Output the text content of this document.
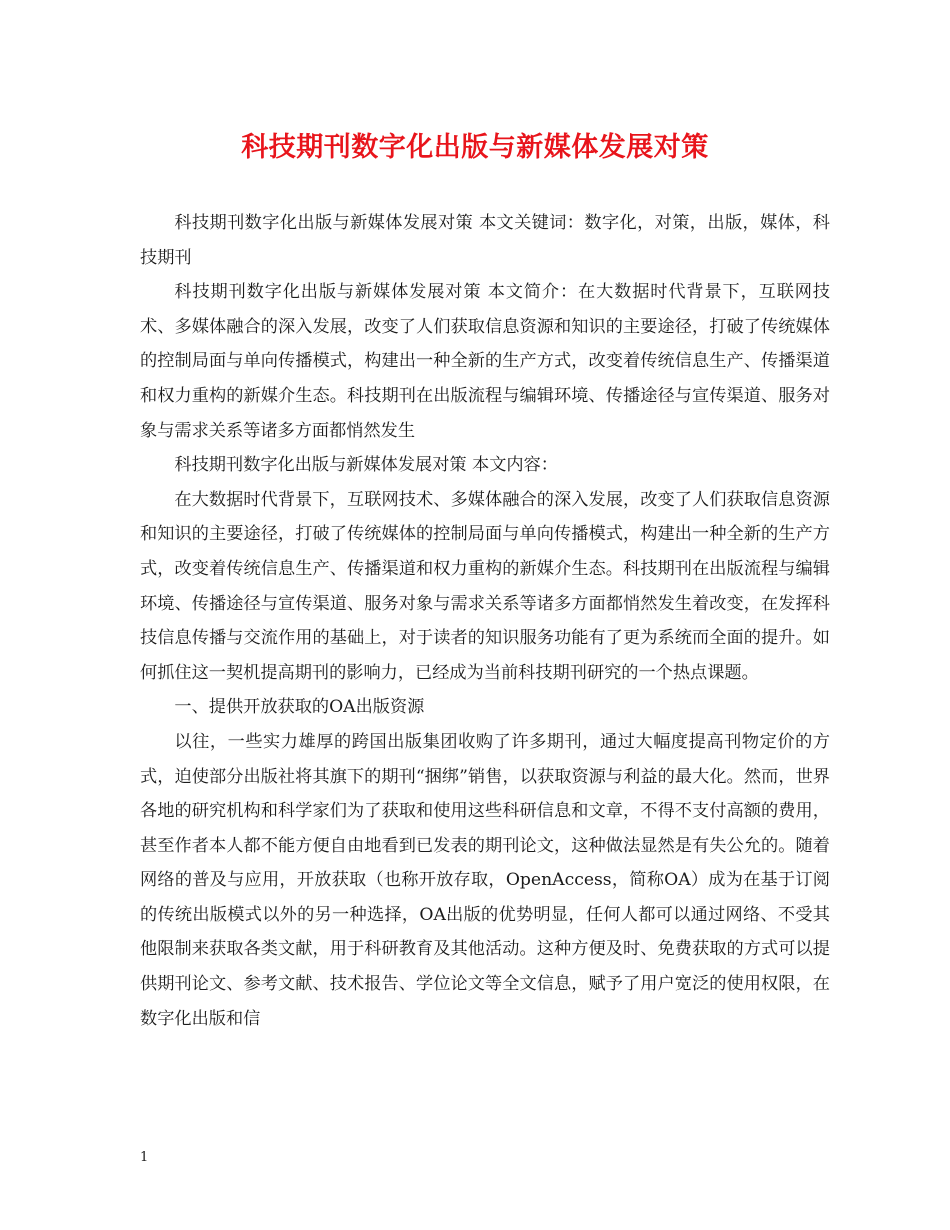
科技期刊数字化出版与新媒体发展对策

科技期刊数字化出版与新媒体发展对策 本文关键词：数字化，对策，出版，媒体，科技期刊

科技期刊数字化出版与新媒体发展对策 本文简介：在大数据时代背景下，互联网技术、多媒体融合的深入发展，改变了人们获取信息资源和知识的主要途径，打破了传统媒体的控制局面与单向传播模式，构建出一种全新的生产方式，改变着传统信息生产、传播渠道和权力重构的新媒介生态。科技期刊在出版流程与编辑环境、传播途径与宣传渠道、服务对象与需求关系等诸多方面都悄然发生

科技期刊数字化出版与新媒体发展对策 本文内容：

在大数据时代背景下，互联网技术、多媒体融合的深入发展，改变了人们获取信息资源和知识的主要途径，打破了传统媒体的控制局面与单向传播模式，构建出一种全新的生产方式，改变着传统信息生产、传播渠道和权力重构的新媒介生态。科技期刊在出版流程与编辑环境、传播途径与宣传渠道、服务对象与需求关系等诸多方面都悄然发生着改变，在发挥科技信息传播与交流作用的基础上，对于读者的知识服务功能有了更为系统而全面的提升。如何抓住这一契机提高期刊的影响力，已经成为当前科技期刊研究的一个热点课题。

一、提供开放获取的OA出版资源

以往，一些实力雄厚的跨国出版集团收购了许多期刊，通过大幅度提高刊物定价的方式，迫使部分出版社将其旗下的期刊“捆绑”销售，以获取资源与利益的最大化。然而，世界各地的研究机构和科学家们为了获取和使用这些科研信息和文章，不得不支付高额的费用，甚至作者本人都不能方便自由地看到已发表的期刊论文，这种做法显然是有失公允的。随着网络的普及与应用，开放获取（也称开放存取，OpenAccess，简称OA）成为在基于订阅的传统出版模式以外的另一种选择，OA出版的优势明显，任何人都可以通过网络、不受其他限制来获取各类文献，用于科研教育及其他活动。这种方便及时、免费获取的方式可以提供期刊论文、参考文献、技术报告、学位论文等全文信息，赋予了用户宽泛的使用权限，在数字化出版和信

1
